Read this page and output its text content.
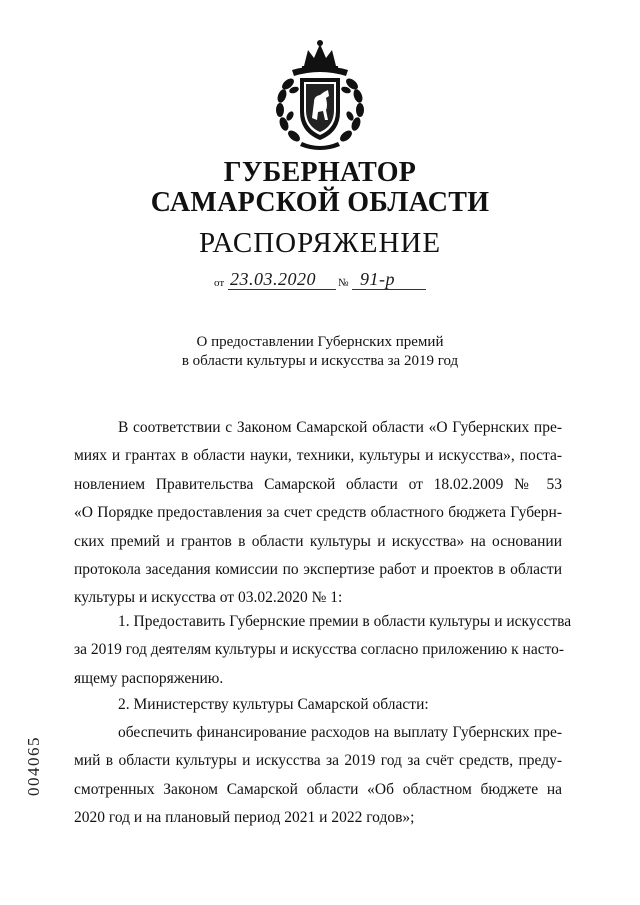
ГУБЕРНАТОР
САМАРСКОЙ ОБЛАСТИ
РАСПОРЯЖЕНИЕ
от 23.03.2020 № 91-р
О предоставлении Губернских премий
в области культуры и искусства за 2019 год
В соответствии с Законом Самарской области «О Губернских пре-
миях и грантах в области науки, техники, культуры и искусства», поста-
новлением Правительства Самарской области от 18.02.2009 № 53
«О Порядке предоставления за счет средств областного бюджета Губерн-
ских премий и грантов в области культуры и искусства» на основании
протокола заседания комиссии по экспертизе работ и проектов в области
культуры и искусства от 03.02.2020 № 1:
1. Предоставить Губернские премии в области культуры и искусства
за 2019 год деятелям культуры и искусства согласно приложению к насто-
ящему распоряжению.
2. Министерству культуры Самарской области:
обеспечить финансирование расходов на выплату Губернских пре-
мий в области культуры и искусства за 2019 год за счёт средств, преду-
смотренных Законом Самарской области «Об областном бюджете на
2020 год и на плановый период 2021 и 2022 годов»;
004065
